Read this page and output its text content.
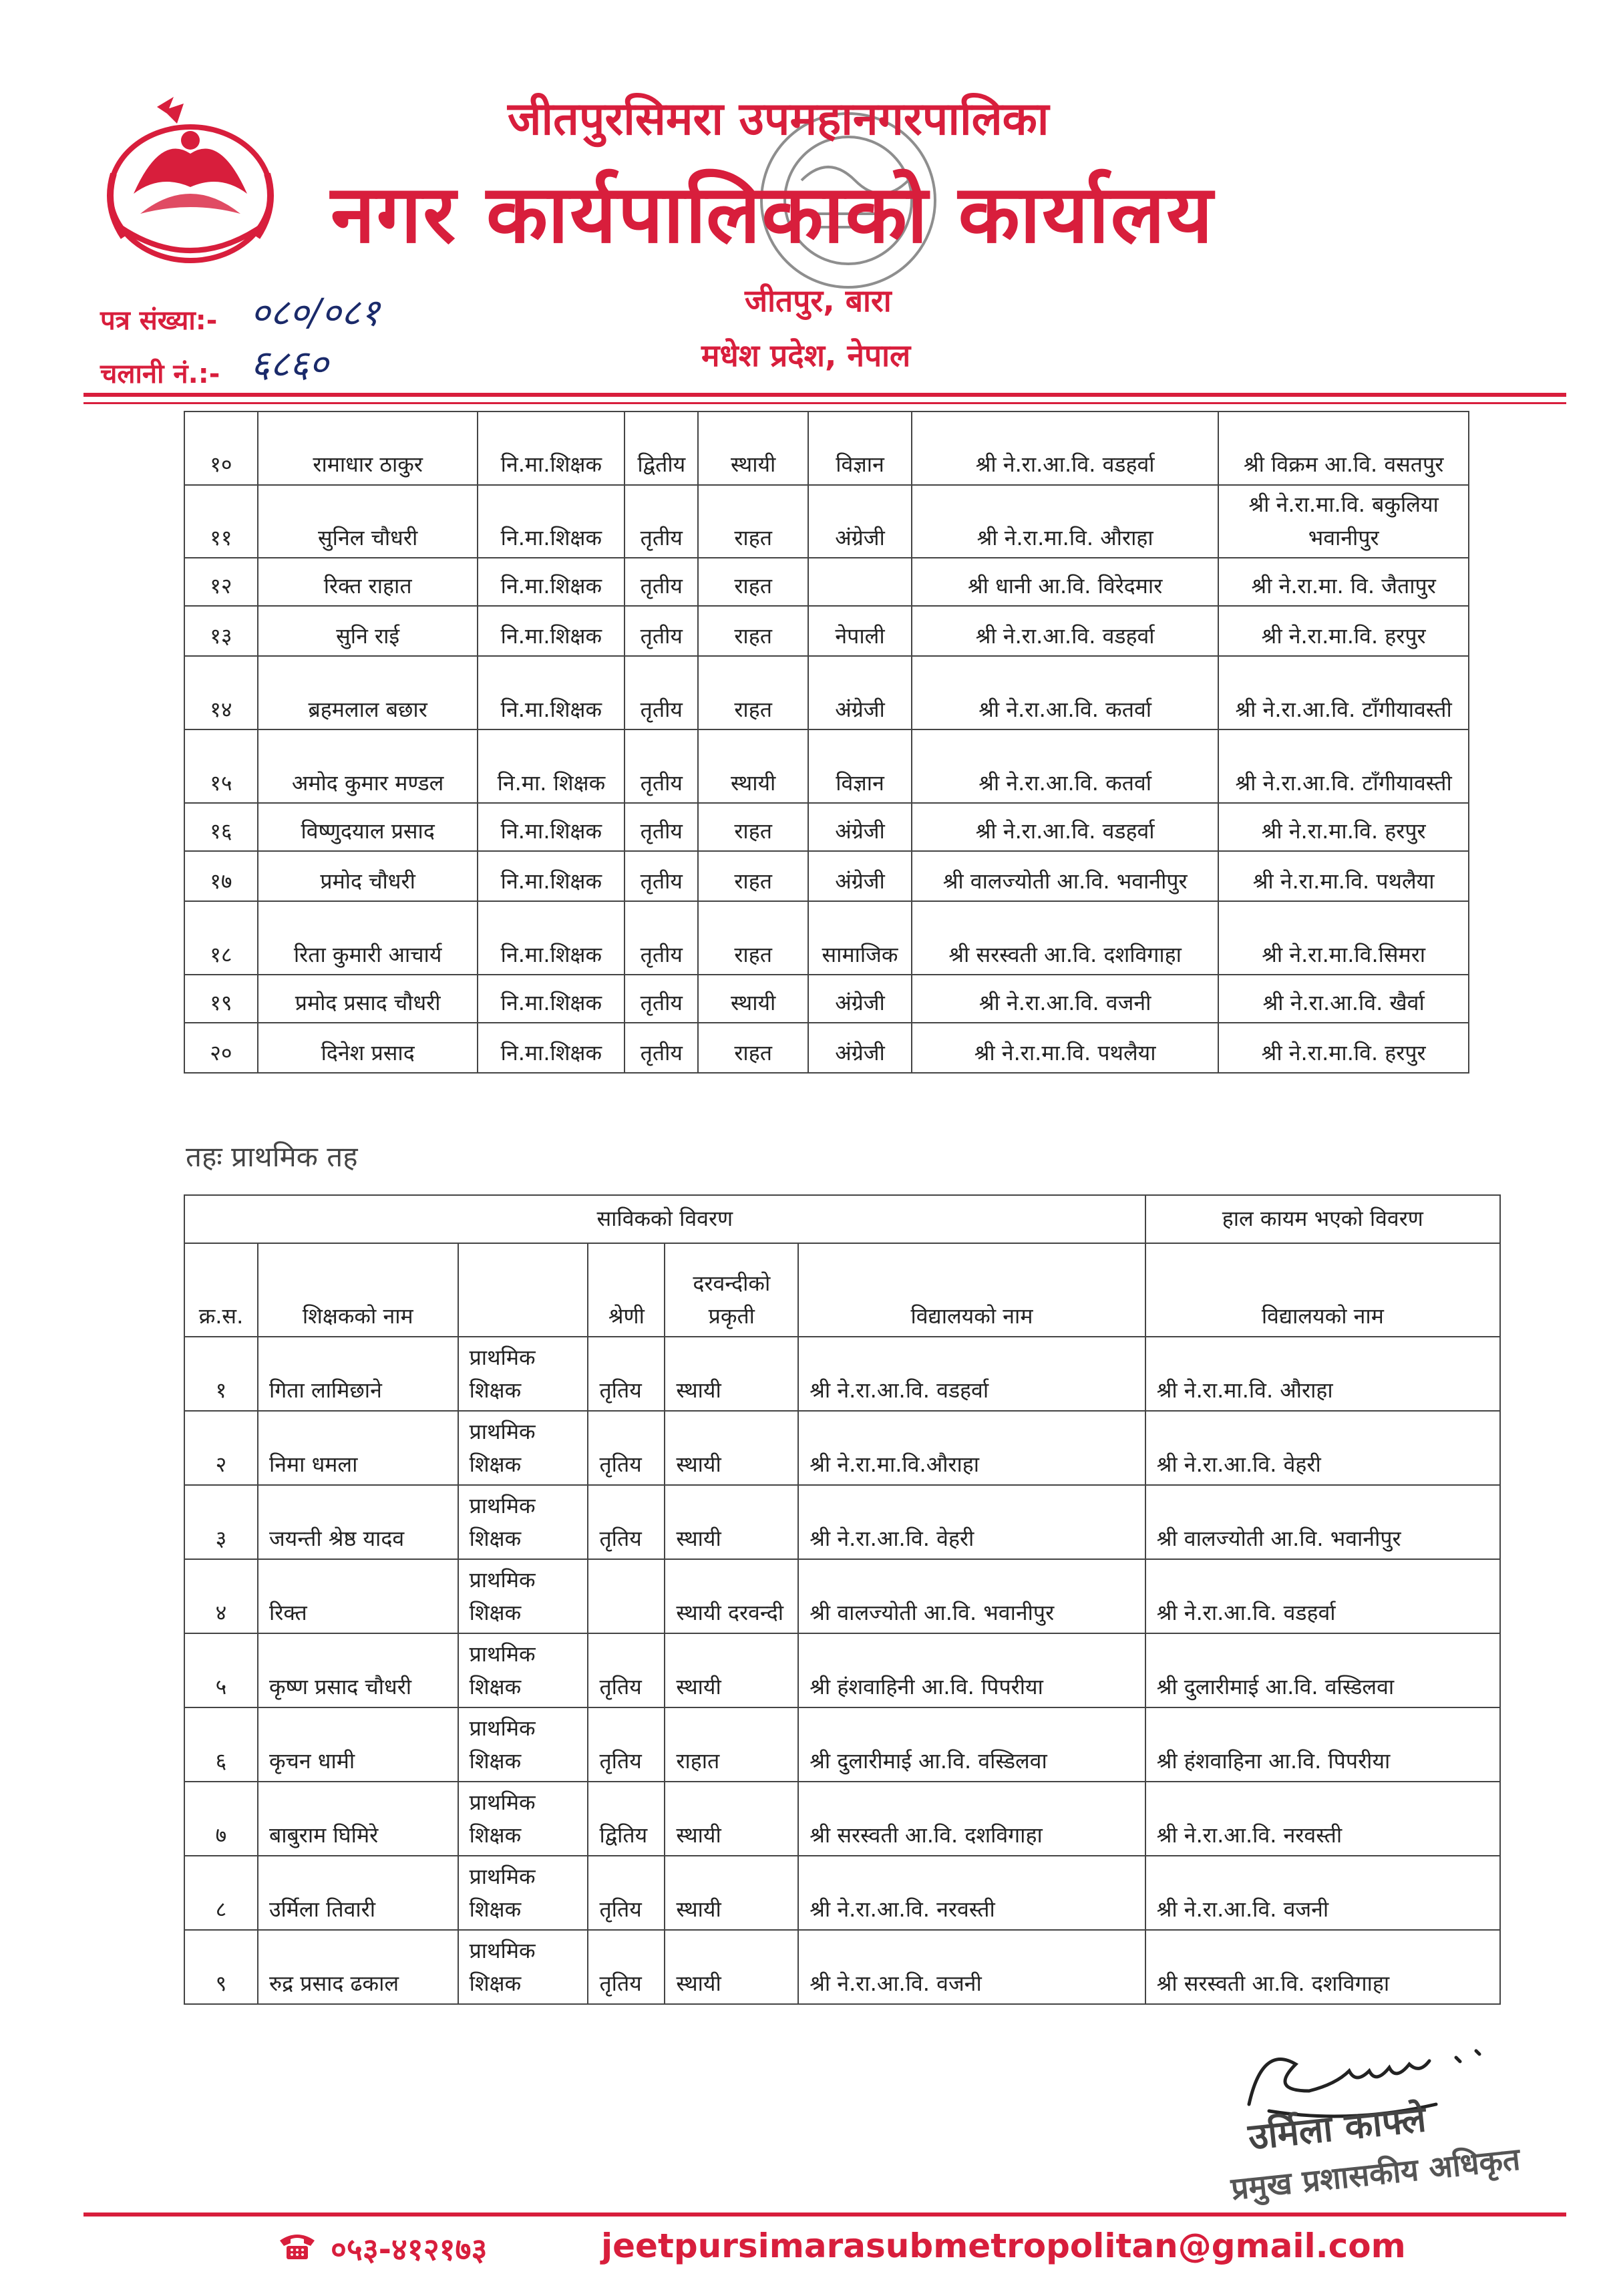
जीतपुरसिमरा उपमहानगरपालिका
नगर कार्यपालिकाको कार्यालय
जीतपुर, बारा
मधेश प्रदेश, नेपाल
पत्र संख्या:- ०८०/०८१
चलानी नं.:- ६८६०
१०	रामाधार ठाकुर	नि.मा.शिक्षक	द्वितीय	स्थायी	विज्ञान	श्री ने.रा.आ.वि. वडहर्वा	श्री विक्रम आ.वि. वसतपुर
११	सुनिल चौधरी	नि.मा.शिक्षक	तृतीय	राहत	अंग्रेजी	श्री ने.रा.मा.वि. औराहा	श्री ने.रा.मा.वि. बकुलिया भवानीपुर
१२	रिक्त राहात	नि.मा.शिक्षक	तृतीय	राहत		श्री धानी आ.वि. विरेदमार	श्री ने.रा.मा. वि. जैतापुर
१३	सुनि राई	नि.मा.शिक्षक	तृतीय	राहत	नेपाली	श्री ने.रा.आ.वि. वडहर्वा	श्री ने.रा.मा.वि. हरपुर
१४	ब्रहमलाल बछार	नि.मा.शिक्षक	तृतीय	राहत	अंग्रेजी	श्री ने.रा.आ.वि. कतर्वा	श्री ने.रा.आ.वि. टाँगीयावस्ती
१५	अमोद कुमार मण्डल	नि.मा. शिक्षक	तृतीय	स्थायी	विज्ञान	श्री ने.रा.आ.वि. कतर्वा	श्री ने.रा.आ.वि. टाँगीयावस्ती
१६	विष्णुदयाल प्रसाद	नि.मा.शिक्षक	तृतीय	राहत	अंग्रेजी	श्री ने.रा.आ.वि. वडहर्वा	श्री ने.रा.मा.वि. हरपुर
१७	प्रमोद चौधरी	नि.मा.शिक्षक	तृतीय	राहत	अंग्रेजी	श्री वालज्योती आ.वि. भवानीपुर	श्री ने.रा.मा.वि. पथलैया
१८	रिता कुमारी आचार्य	नि.मा.शिक्षक	तृतीय	राहत	सामाजिक	श्री सरस्वती आ.वि. दशविगाहा	श्री ने.रा.मा.वि.सिमरा
१९	प्रमोद प्रसाद चौधरी	नि.मा.शिक्षक	तृतीय	स्थायी	अंग्रेजी	श्री ने.रा.आ.वि. वजनी	श्री ने.रा.आ.वि. खैर्वा
२०	दिनेश प्रसाद	नि.मा.शिक्षक	तृतीय	राहत	अंग्रेजी	श्री ने.रा.मा.वि. पथलैया	श्री ने.रा.मा.वि. हरपुर
तहः प्राथमिक तह
साविकको विवरण						हाल कायम भएको विवरण
क्र.स.	शिक्षकको नाम		श्रेणी	दरवन्दीको प्रकृती	विद्यालयको नाम	विद्यालयको नाम
१	गिता लामिछाने	प्राथमिक शिक्षक	तृतिय	स्थायी	श्री ने.रा.आ.वि. वडहर्वा	श्री ने.रा.मा.वि. औराहा
२	निमा धमला	प्राथमिक शिक्षक	तृतिय	स्थायी	श्री ने.रा.मा.वि.औराहा	श्री ने.रा.आ.वि. वेहरी
३	जयन्ती श्रेष्ठ यादव	प्राथमिक शिक्षक	तृतिय	स्थायी	श्री ने.रा.आ.वि. वेहरी	श्री वालज्योती आ.वि. भवानीपुर
४	रिक्त	प्राथमिक शिक्षक		स्थायी दरवन्दी	श्री वालज्योती आ.वि. भवानीपुर	श्री ने.रा.आ.वि. वडहर्वा
५	कृष्ण प्रसाद चौधरी	प्राथमिक शिक्षक	तृतिय	स्थायी	श्री हंशवाहिनी आ.वि. पिपरीया	श्री दुलारीमाई आ.वि. वस्डिलवा
६	कृचन धामी	प्राथमिक शिक्षक	तृतिय	राहात	श्री दुलारीमाई आ.वि. वस्डिलवा	श्री हंशवाहिना आ.वि. पिपरीया
७	बाबुराम घिमिरे	प्राथमिक शिक्षक	द्वितिय	स्थायी	श्री सरस्वती आ.वि. दशविगाहा	श्री ने.रा.आ.वि. नरवस्ती
८	उर्मिला तिवारी	प्राथमिक शिक्षक	तृतिय	स्थायी	श्री ने.रा.आ.वि. नरवस्ती	श्री ने.रा.आ.वि. वजनी
९	रुद्र प्रसाद ढकाल	प्राथमिक शिक्षक	तृतिय	स्थायी	श्री ने.रा.आ.वि. वजनी	श्री सरस्वती आ.वि. दशविगाहा
उर्मिला काफ्ले
प्रमुख प्रशासकीय अधिकृत
०५३-४१२१७३	jeetpursimarasubmetropolitan@gmail.com
